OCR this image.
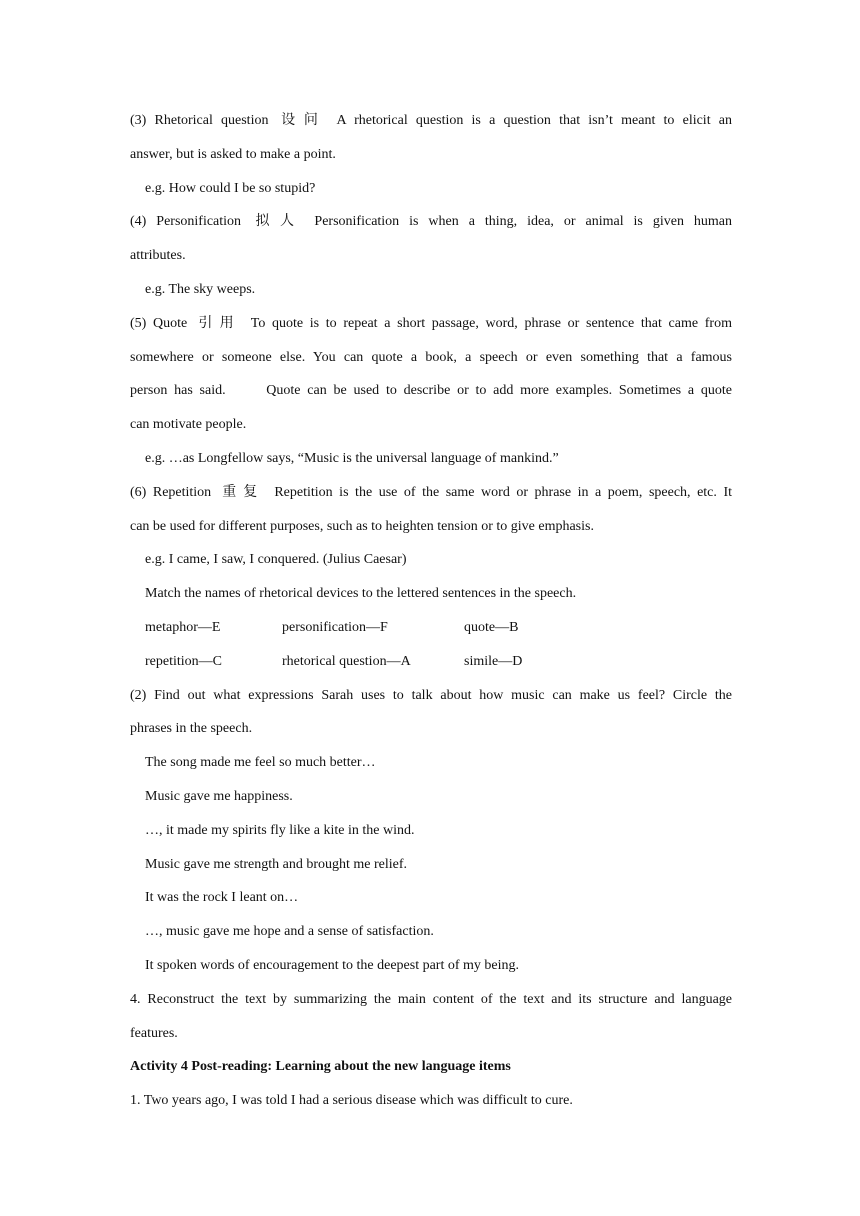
(3) Rhetorical question 设问 A rhetorical question is a question that isn’t meant to elicit an

answer, but is asked to make a point.

e.g. How could I be so stupid?

(4) Personification 拟人 Personification is when a thing, idea, or animal is given human

attributes.

e.g. The sky weeps.

(5) Quote 引用 To quote is to repeat a short passage, word, phrase or sentence that came from

somewhere or someone else. You can quote a book, a speech or even something that a famous

person has said.      Quote can be used to describe or to add more examples. Sometimes a quote

can motivate people.

e.g. …as Longfellow says, “Music is the universal language of mankind.”

(6) Repetition 重复 Repetition is the use of the same word or phrase in a poem, speech, etc. It

can be used for different purposes, such as to heighten tension or to give emphasis.

e.g. I came, I saw, I conquered. (Julius Caesar)

Match the names of rhetorical devices to the lettered sentences in the speech.

metaphor—E	personification—F	quote—B
repetition—C	rhetorical question—A	simile—D

(2) Find out what expressions Sarah uses to talk about how music can make us feel? Circle the

phrases in the speech.

The song made me feel so much better…

Music gave me happiness.

…, it made my spirits fly like a kite in the wind.

Music gave me strength and brought me relief.

It was the rock I leant on…

…, music gave me hope and a sense of satisfaction.

It spoken words of encouragement to the deepest part of my being.

4. Reconstruct the text by summarizing the main content of the text and its structure and language

features.

Activity 4 Post-reading: Learning about the new language items

1. Two years ago, I was told I had a serious disease which was difficult to cure.
